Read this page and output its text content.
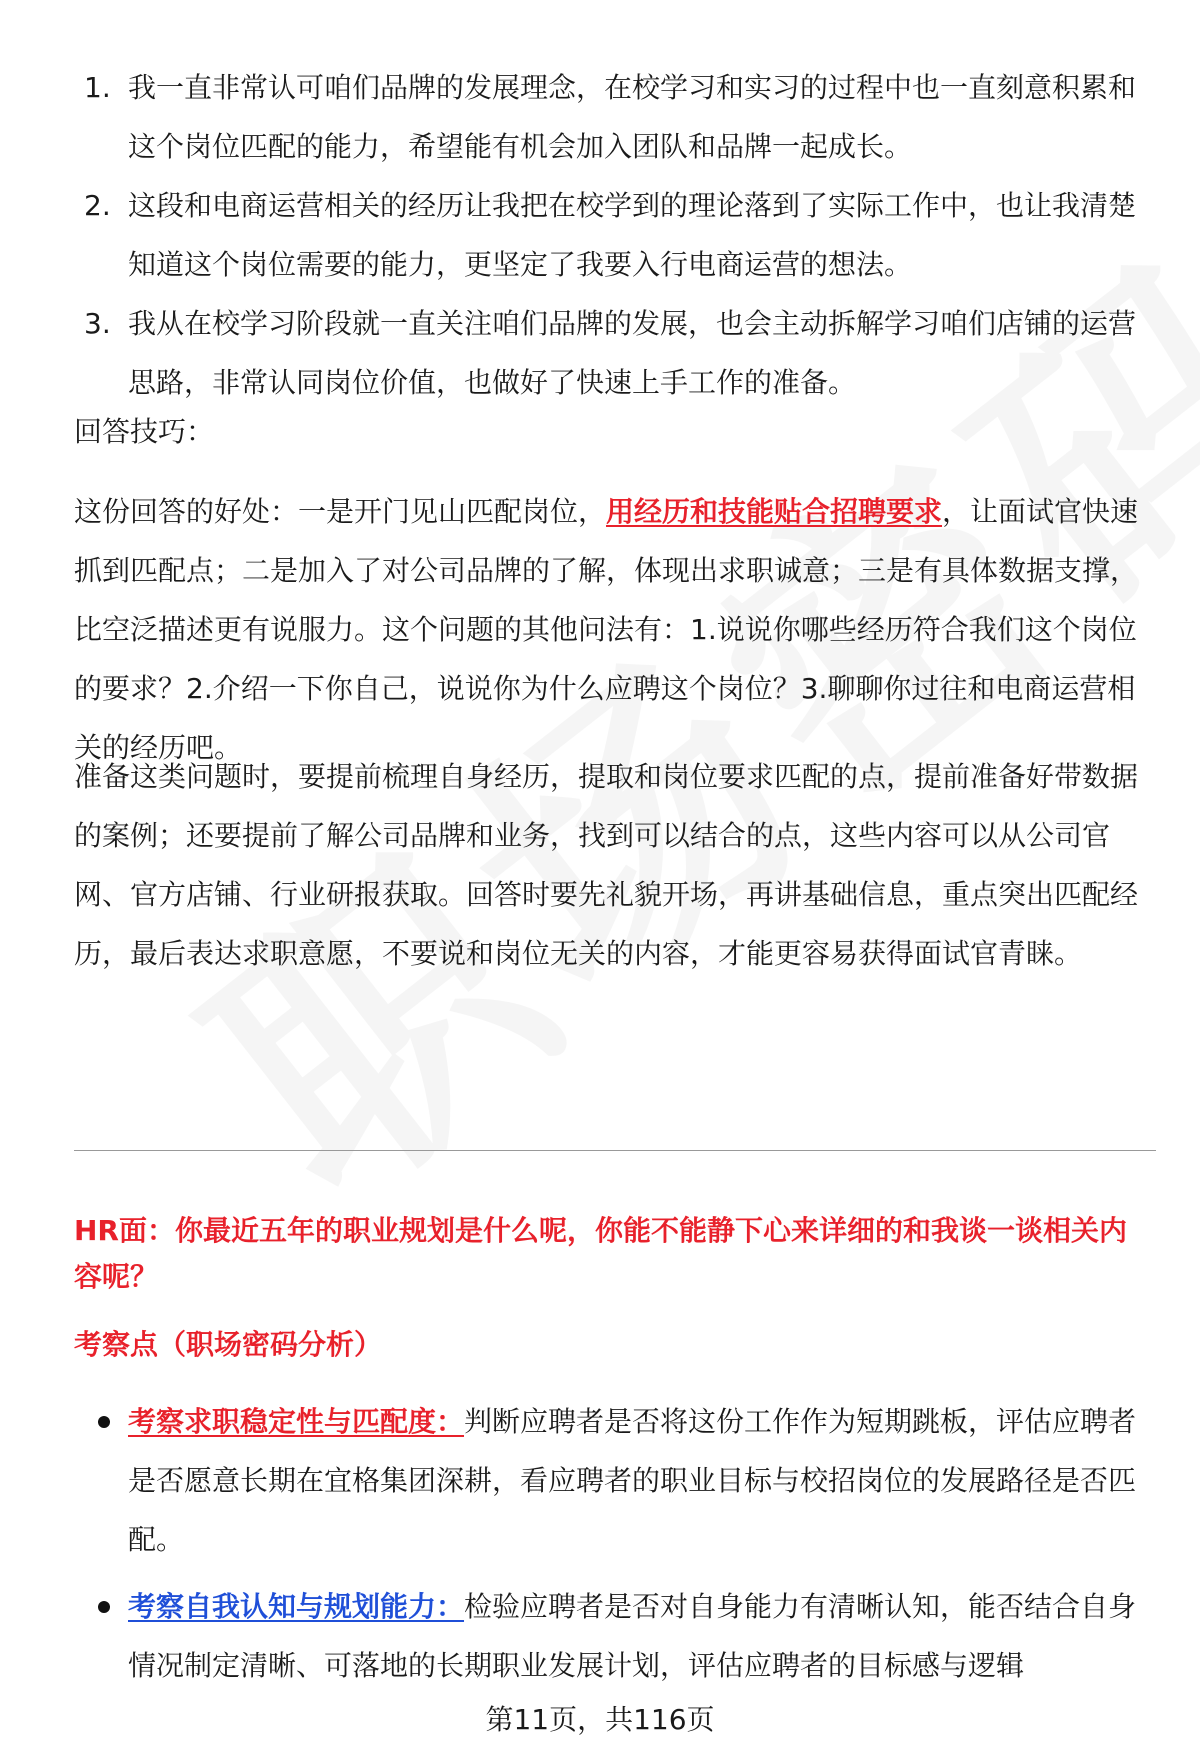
1. 我一直非常认可咱们品牌的发展理念，在校学习和实习的过程中也一直刻意积累和这个岗位匹配的能力，希望能有机会加入团队和品牌一起成长。
2. 这段和电商运营相关的经历让我把在校学到的理论落到了实际工作中，也让我清楚知道这个岗位需要的能力，更坚定了我要入行电商运营的想法。
3. 我从在校学习阶段就一直关注咱们品牌的发展，也会主动拆解学习咱们店铺的运营思路，非常认同岗位价值，也做好了快速上手工作的准备。

回答技巧：

这份回答的好处：一是开门见山匹配岗位，用经历和技能贴合招聘要求，让面试官快速抓到匹配点；二是加入了对公司品牌的了解，体现出求职诚意；三是有具体数据支撑，比空泛描述更有说服力。这个问题的其他问法有：1.说说你哪些经历符合我们这个岗位的要求？2.介绍一下你自己，说说你为什么应聘这个岗位？3.聊聊你过往和电商运营相关的经历吧。

准备这类问题时，要提前梳理自身经历，提取和岗位要求匹配的点，提前准备好带数据的案例；还要提前了解公司品牌和业务，找到可以结合的点，这些内容可以从公司官网、官方店铺、行业研报获取。回答时要先礼貌开场，再讲基础信息，重点突出匹配经历，最后表达求职意愿，不要说和岗位无关的内容，才能更容易获得面试官青睐。

HR面：你最近五年的职业规划是什么呢，你能不能静下心来详细的和我谈一谈相关内容呢？

考察点（职场密码分析）

考察求职稳定性与匹配度：判断应聘者是否将这份工作作为短期跳板，评估应聘者是否愿意长期在宜格集团深耕，看应聘者的职业目标与校招岗位的发展路径是否匹配。
考察自我认知与规划能力：检验应聘者是否对自身能力有清晰认知，能否结合自身情况制定清晰、可落地的长期职业发展计划，评估应聘者的目标感与逻辑
第11页，共116页
